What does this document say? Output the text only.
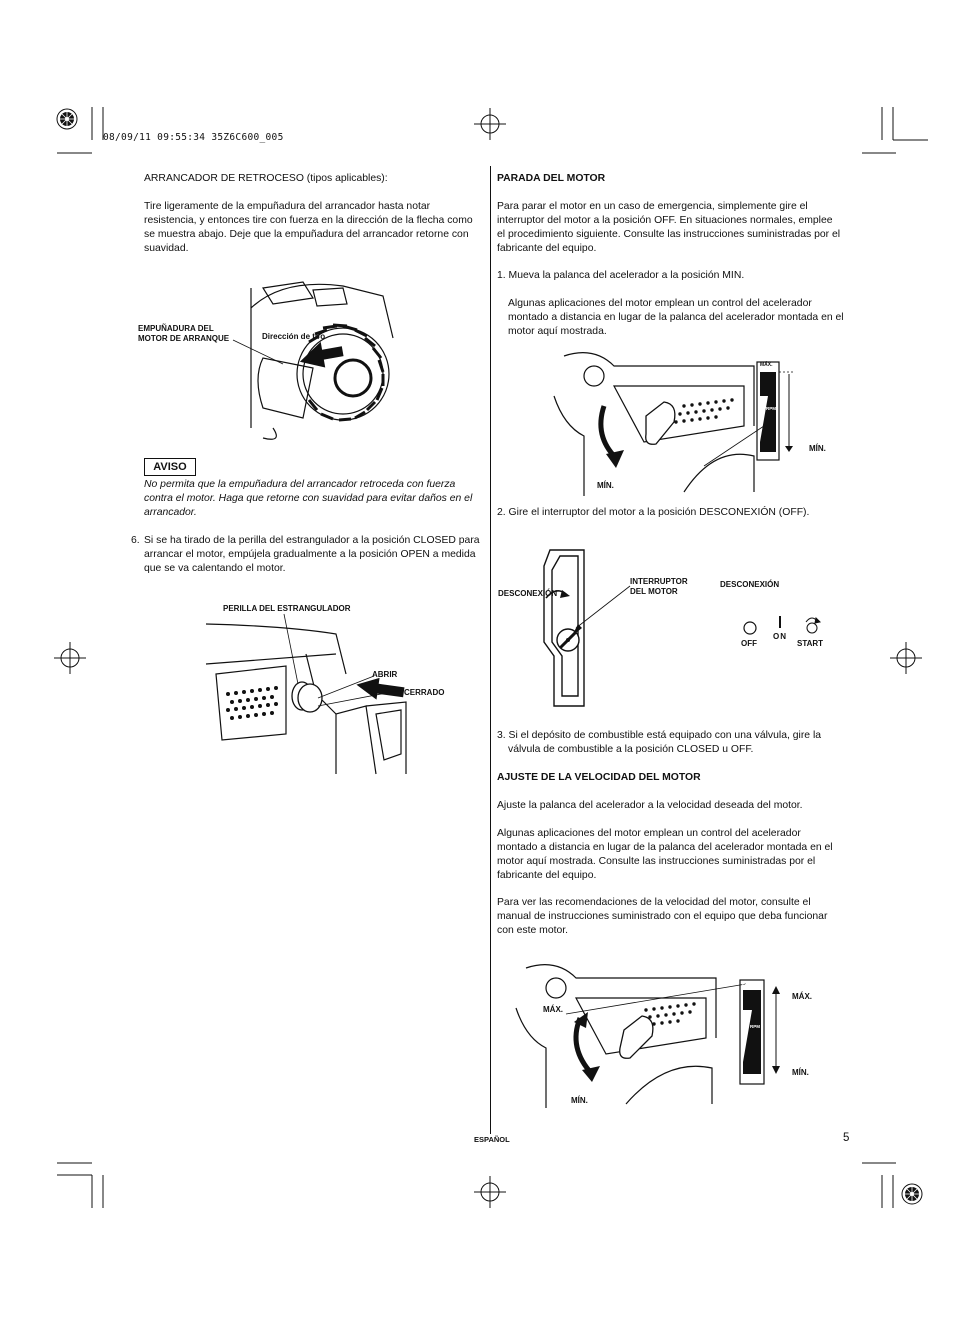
08/09/11 09:55:34 35Z6C600_005
ARRANCADOR DE RETROCESO (tipos aplicables):
Tire ligeramente de la empuñadura del arrancador hasta notar
resistencia, y entonces tire con fuerza en la dirección de la flecha como
se muestra abajo. Deje que la empuñadura del arrancador retorne con
suavidad.
EMPUÑADURA DEL
MOTOR DE ARRANQUE	Dirección de tiro
AVISO
No permita que la empuñadura del arrancador retroceda con fuerza
contra el motor. Haga que retorne con suavidad para evitar daños en el
arrancador.
6. Si se ha tirado de la perilla del estrangulador a la posición CLOSED para
arrancar el motor, empújela gradualmente a la posición OPEN a medida
que se va calentando el motor.
PERILLA DEL ESTRANGULADOR
ABRIR
CERRADO
PARADA DEL MOTOR
Para parar el motor en un caso de emergencia, simplemente gire el
interruptor del motor a la posición OFF. En situaciones normales, emplee
el procedimiento siguiente. Consulte las instrucciones suministradas por el
fabricante del equipo.
1. Mueva la palanca del acelerador a la posición MIN.
Algunas aplicaciones del motor emplean un control del acelerador
montado a distancia en lugar de la palanca del acelerador montada en el
motor aquí mostrada.
MÁX.
RPM
MÍN.
MÍN.
MÍN.
2. Gire el interruptor del motor a la posición DESCONEXIÓN (OFF).
DESCONEXIÓN
INTERRUPTOR
DEL MOTOR
DESCONEXIÓN
OFF
ON
START
3. Si el depósito de combustible está equipado con una válvula, gire la
válvula de combustible a la posición CLOSED u OFF.
AJUSTE DE LA VELOCIDAD DEL MOTOR
Ajuste la palanca del acelerador a la velocidad deseada del motor.
Algunas aplicaciones del motor emplean un control del acelerador
montado a distancia en lugar de la palanca del acelerador montada en el
motor aquí mostrada. Consulte las instrucciones suministradas por el
fabricante del equipo.
Para ver las recomendaciones de la velocidad del motor, consulte el
manual de instrucciones suministrado con el equipo que deba funcionar
con este motor.
MAX.
RPM
MIN.
MÁX.
MÍN.
MÁX.
MÍN.
ESPAÑOL	5
